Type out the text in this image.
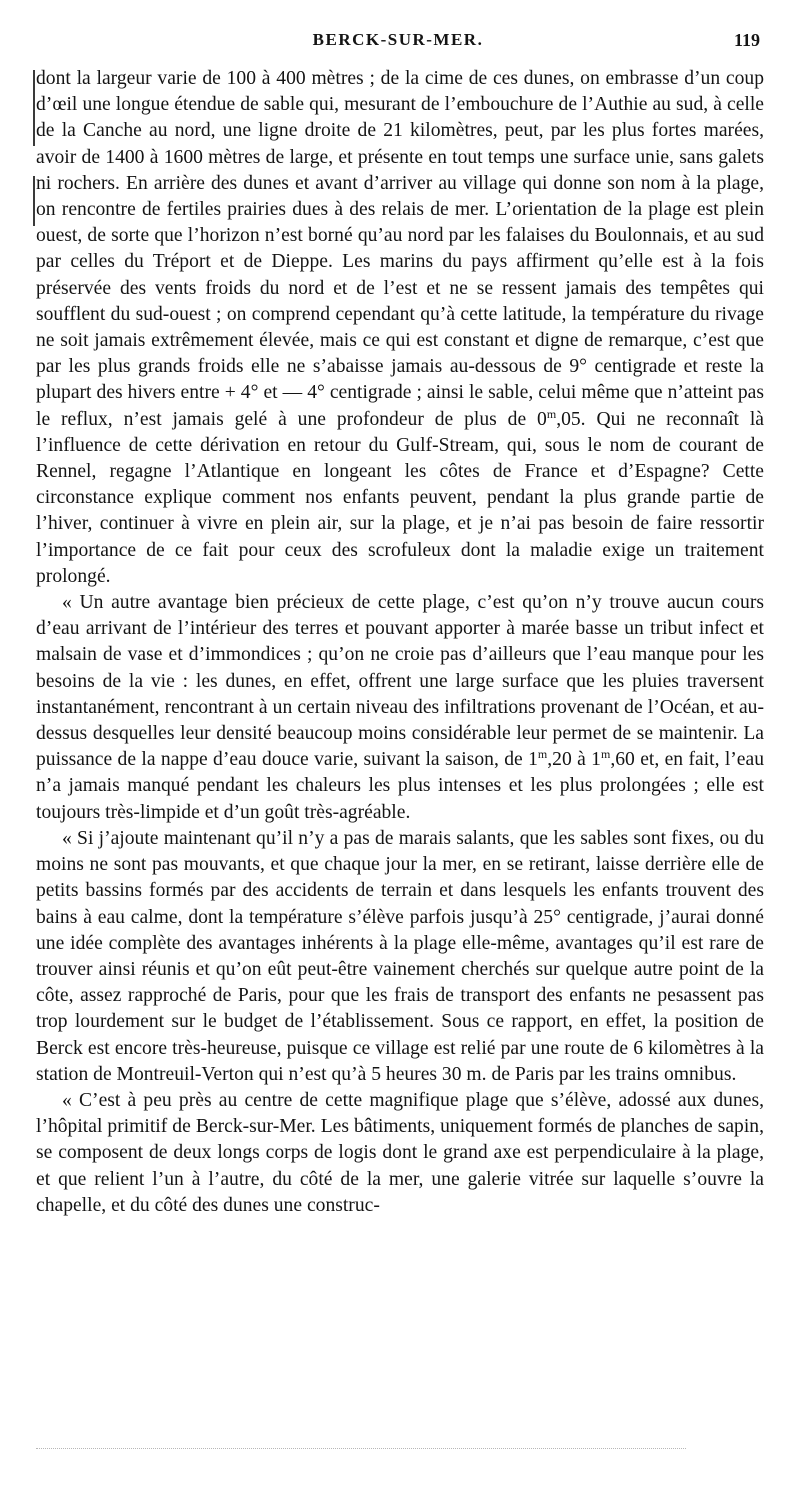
BERCK-SUR-MER.	119

dont la largeur varie de 100 à 400 mètres ; de la cime de ces dunes, on embrasse d’un coup d’œil une longue étendue de sable qui, mesurant de l’embouchure de l’Authie au sud, à celle de la Canche au nord, une ligne droite de 21 kilomètres, peut, par les plus fortes marées, avoir de 1400 à 1600 mètres de large, et présente en tout temps une surface unie, sans galets ni rochers. En arrière des dunes et avant d’arriver au village qui donne son nom à la plage, on rencontre de fertiles prairies dues à des relais de mer. L’orientation de la plage est plein ouest, de sorte que l’horizon n’est borné qu’au nord par les falaises du Boulonnais, et au sud par celles du Tréport et de Dieppe. Les marins du pays affirment qu’elle est à la fois préservée des vents froids du nord et de l’est et ne se ressent jamais des tempêtes qui soufflent du sud-ouest ; on comprend cependant qu’à cette latitude, la température du rivage ne soit jamais extrêmement élevée, mais ce qui est constant et digne de remarque, c’est que par les plus grands froids elle ne s’abaisse jamais au-dessous de 9° centigrade et reste la plupart des hivers entre + 4° et — 4° centigrade ; ainsi le sable, celui même que n’atteint pas le reflux, n’est jamais gelé à une profondeur de plus de 0$^m$,05. Qui ne reconnaît là l’influence de cette dérivation en retour du Gulf-Stream, qui, sous le nom de courant de Rennel, regagne l’Atlantique en longeant les côtes de France et d’Espagne? Cette circonstance explique comment nos enfants peuvent, pendant la plus grande partie de l’hiver, continuer à vivre en plein air, sur la plage, et je n’ai pas besoin de faire ressortir l’importance de ce fait pour ceux des scrofuleux dont la maladie exige un traitement prolongé.

« Un autre avantage bien précieux de cette plage, c’est qu’on n’y trouve aucun cours d’eau arrivant de l’intérieur des terres et pouvant apporter à marée basse un tribut infect et malsain de vase et d’immondices ; qu’on ne croie pas d’ailleurs que l’eau manque pour les besoins de la vie : les dunes, en effet, offrent une large surface que les pluies traversent instantanément, rencontrant à un certain niveau des infiltrations provenant de l’Océan, et au-dessus desquelles leur densité beaucoup moins considérable leur permet de se maintenir. La puissance de la nappe d’eau douce varie, suivant la saison, de 1$^m$,20 à 1$^m$,60 et, en fait, l’eau n’a jamais manqué pendant les chaleurs les plus intenses et les plus prolongées ; elle est toujours très-limpide et d’un goût très-agréable.

« Si j’ajoute maintenant qu’il n’y a pas de marais salants, que les sables sont fixes, ou du moins ne sont pas mouvants, et que chaque jour la mer, en se retirant, laisse derrière elle de petits bassins formés par des accidents de terrain et dans lesquels les enfants trouvent des bains à eau calme, dont la température s’élève parfois jusqu’à 25° centigrade, j’aurai donné une idée complète des avantages inhérents à la plage elle-même, avantages qu’il est rare de trouver ainsi réunis et qu’on eût peut-être vainement cherchés sur quelque autre point de la côte, assez rapproché de Paris, pour que les frais de transport des enfants ne pesassent pas trop lourdement sur le budget de l’établissement. Sous ce rapport, en effet, la position de Berck est encore très-heureuse, puisque ce village est relié par une route de 6 kilomètres à la station de Montreuil-Verton qui n’est qu’à 5 heures 30 m. de Paris par les trains omnibus.

« C’est à peu près au centre de cette magnifique plage que s’élève, adossé aux dunes, l’hôpital primitif de Berck-sur-Mer. Les bâtiments, uniquement formés de planches de sapin, se composent de deux longs corps de logis dont le grand axe est perpendiculaire à la plage, et que relient l’un à l’autre, du côté de la mer, une galerie vitrée sur laquelle s’ouvre la chapelle, et du côté des dunes une construc-
